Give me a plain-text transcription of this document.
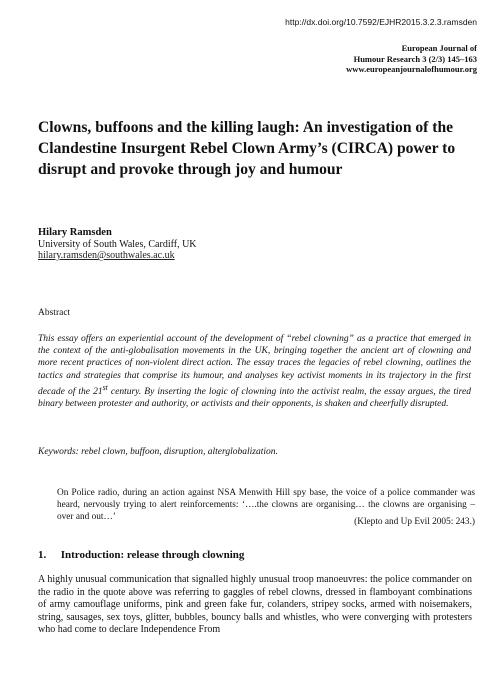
http://dx.doi.org/10.7592/EJHR2015.3.2.3.ramsden
European Journal of
Humour Research 3 (2/3) 145–163
www.europeanjournalofhumour.org
Clowns, buffoons and the killing laugh: An investigation of the Clandestine Insurgent Rebel Clown Army’s (CIRCA) power to disrupt and provoke through joy and humour
Hilary Ramsden
University of South Wales, Cardiff, UK
hilary.ramsden@southwales.ac.uk
Abstract

This essay offers an experiential account of the development of “rebel clowning” as a practice that emerged in the context of the anti-globalisation movements in the UK, bringing together the ancient art of clowning and more recent practices of non-violent direct action. The essay traces the legacies of rebel clowning, outlines the tactics and strategies that comprise its humour, and analyses key activist moments in its trajectory in the first decade of the 21st century. By inserting the logic of clowning into the activist realm, the essay argues, the tired binary between protester and authority, or activists and their opponents, is shaken and cheerfully disrupted.

Keywords: rebel clown, buffoon, disruption, alterglobalization.

On Police radio, during an action against NSA Menwith Hill spy base, the voice of a police commander was heard, nervously trying to alert reinforcements: ‘….the clowns are organising… the clowns are organising – over and out…’	(Klepto and Up Evil 2005: 243.)
1. Introduction: release through clowning

A highly unusual communication that signalled highly unusual troop manoeuvres: the police commander on the radio in the quote above was referring to gaggles of rebel clowns, dressed in flamboyant combinations of army camouflage uniforms, pink and green fake fur, colanders, stripey socks, armed with noisemakers, string, sausages, sex toys, glitter, bubbles, bouncy balls and whistles, who were converging with protesters who had come to declare Independence From
